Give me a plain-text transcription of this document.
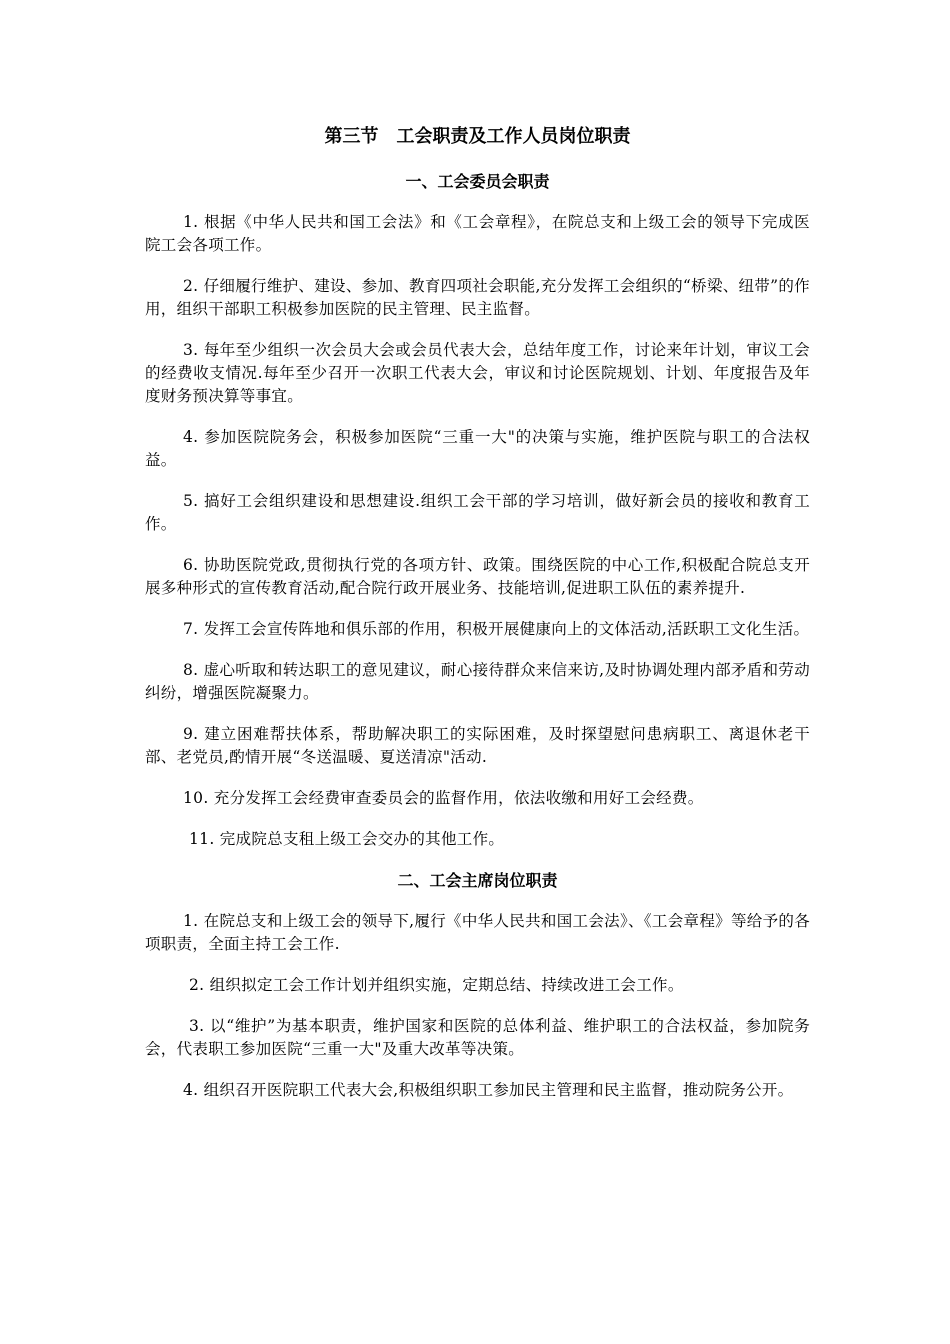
第三节　工会职责及工作人员岗位职责
一、工会委员会职责

1. 根据《中华人民共和国工会法》和《工会章程》，在院总支和上级工会的领导下完成医院工会各项工作。

2. 仔细履行维护、建设、参加、教育四项社会职能,充分发挥工会组织的“桥梁、纽带”的作用，组织干部职工积极参加医院的民主管理、民主监督。

3. 每年至少组织一次会员大会或会员代表大会，总结年度工作，讨论来年计划，审议工会的经费收支情况.每年至少召开一次职工代表大会，审议和讨论医院规划、计划、年度报告及年度财务预决算等事宜。

4. 参加医院院务会，积极参加医院“三重一大"的决策与实施，维护医院与职工的合法权益。

5. 搞好工会组织建设和思想建设.组织工会干部的学习培训，做好新会员的接收和教育工作。

6. 协助医院党政,贯彻执行党的各项方针、政策。围绕医院的中心工作,积极配合院总支开展多种形式的宣传教育活动,配合院行政开展业务、技能培训,促进职工队伍的素养提升.

7. 发挥工会宣传阵地和俱乐部的作用，积极开展健康向上的文体活动,活跃职工文化生活。

8. 虚心听取和转达职工的意见建议，耐心接待群众来信来访,及时协调处理内部矛盾和劳动纠纷，增强医院凝聚力。

9. 建立困难帮扶体系，帮助解决职工的实际困难，及时探望慰问患病职工、离退休老干部、老党员,酌情开展“冬送温暖、夏送清凉"活动.

10. 充分发挥工会经费审查委员会的监督作用，依法收缴和用好工会经费。

11. 完成院总支租上级工会交办的其他工作。

二、工会主席岗位职责

1. 在院总支和上级工会的领导下,履行《中华人民共和国工会法》、《工会章程》等给予的各项职责，全面主持工会工作.

2. 组织拟定工会工作计划并组织实施，定期总结、持续改进工会工作。

3. 以“维护”为基本职责，维护国家和医院的总体利益、维护职工的合法权益，参加院务会，代表职工参加医院“三重一大"及重大改革等决策。

4. 组织召开医院职工代表大会,积极组织职工参加民主管理和民主监督，推动院务公开。
